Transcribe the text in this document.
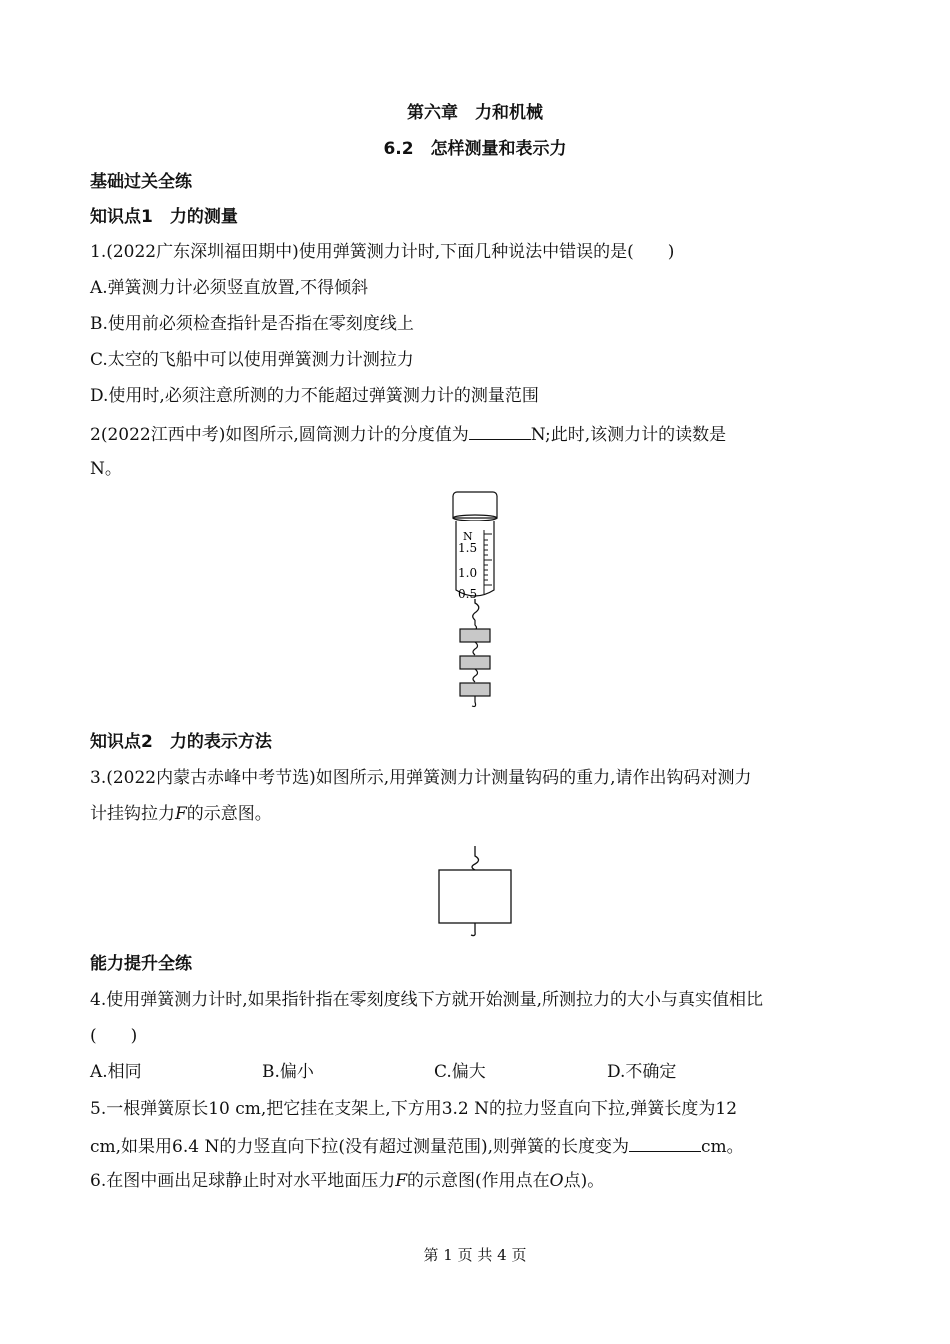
第六章　力和机械
6.2　怎样测量和表示力
基础过关全练
知识点1　力的测量
1.(2022广东深圳福田期中)使用弹簧测力计时,下面几种说法中错误的是(　　)
A.弹簧测力计必须竖直放置,不得倾斜
B.使用前必须检查指针是否指在零刻度线上
C.太空的飞船中可以使用弹簧测力计测拉力
D.使用时,必须注意所测的力不能超过弹簧测力计的测量范围
2(2022江西中考)如图所示,圆筒测力计的分度值为	N;此时,该测力计的读数是
N。
N
1.5
1.0
0.5
知识点2　力的表示方法
3.(2022内蒙古赤峰中考节选)如图所示,用弹簧测力计测量钩码的重力,请作出钩码对测力
计挂钩拉力F的示意图。
能力提升全练
4.使用弹簧测力计时,如果指针指在零刻度线下方就开始测量,所测拉力的大小与真实值相比
(　　)
A.相同	B.偏小	C.偏大	D.不确定
5.一根弹簧原长10 cm,把它挂在支架上,下方用3.2 N的拉力竖直向下拉,弹簧长度为12
cm,如果用6.4 N的力竖直向下拉(没有超过测量范围),则弹簧的长度变为	cm。
6.在图中画出足球静止时对水平地面压力F的示意图(作用点在O点)。
第 1 页 共 4 页
